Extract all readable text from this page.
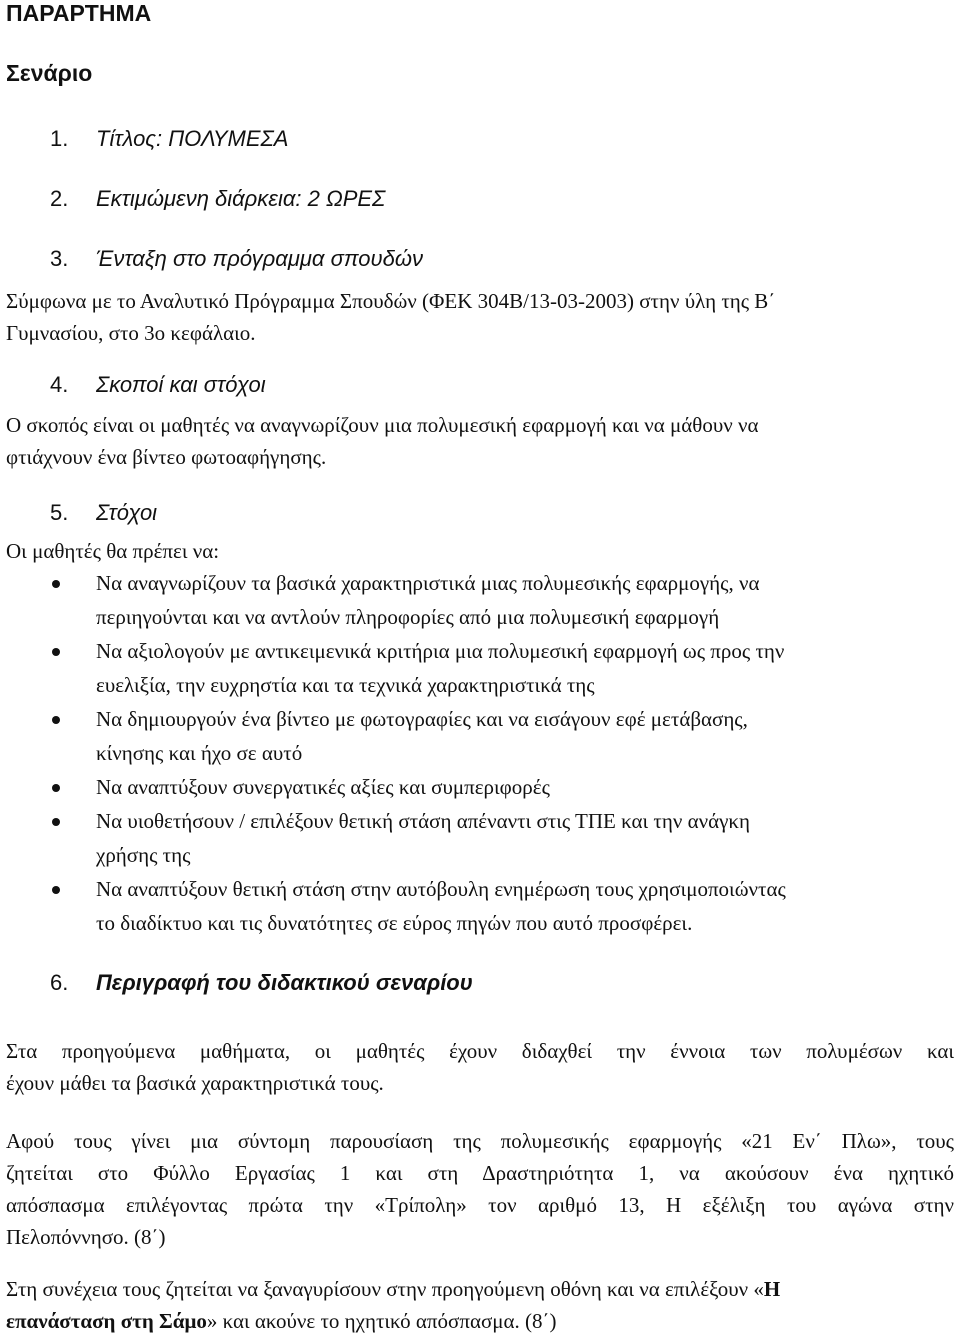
ΠΑΡΑΡΤΗΜΑ
Σενάριο
1. Τίτλος: ΠΟΛΥΜΕΣΑ
2. Εκτιμώμενη διάρκεια: 2 ΩΡΕΣ
3. Ένταξη στο πρόγραμμα σπουδών
Σύμφωνα με το Αναλυτικό Πρόγραμμα Σπουδών (ΦΕΚ 304Β/13-03-2003) στην ύλη της Β΄
Γυμνασίου, στο 3ο κεφάλαιο.
4. Σκοποί και στόχοι
Ο σκοπός είναι οι μαθητές να αναγνωρίζουν μια πολυμεσική εφαρμογή και να μάθουν να
φτιάχνουν ένα βίντεο φωτοαφήγησης.
5. Στόχοι
Οι μαθητές θα πρέπει να:
Να αναγνωρίζουν τα βασικά χαρακτηριστικά μιας πολυμεσικής εφαρμογής, να
περιηγούνται και να αντλούν πληροφορίες από μια πολυμεσική εφαρμογή
Να αξιολογούν με αντικειμενικά κριτήρια μια πολυμεσική εφαρμογή ως προς την
ευελιξία, την ευχρηστία και τα τεχνικά χαρακτηριστικά της
Να δημιουργούν ένα βίντεο με φωτογραφίες και να εισάγουν εφέ μετάβασης,
κίνησης και ήχο σε αυτό
Να αναπτύξουν συνεργατικές αξίες και συμπεριφορές
Να υιοθετήσουν / επιλέξουν θετική στάση απέναντι στις ΤΠΕ και την ανάγκη
χρήσης της
Να αναπτύξουν θετική στάση στην αυτόβουλη ενημέρωση τους χρησιμοποιώντας
το διαδίκτυο και τις δυνατότητες σε εύρος πηγών που αυτό προσφέρει.
6. Περιγραφή του διδακτικού σεναρίου
Στα προηγούμενα μαθήματα, οι μαθητές έχουν διδαχθεί την έννοια των πολυμέσων και
έχουν μάθει τα βασικά χαρακτηριστικά τους.
Αφού τους γίνει μια σύντομη παρουσίαση της πολυμεσικής εφαρμογής «21 Εν΄ Πλω», τους
ζητείται στο Φύλλο Εργασίας 1 και στη Δραστηριότητα 1, να ακούσουν ένα ηχητικό
απόσπασμα επιλέγοντας πρώτα την «Τρίπολη» τον αριθμό 13, Η εξέλιξη του αγώνα στην
Πελοπόννησο. (8΄)
Στη συνέχεια τους ζητείται να ξαναγυρίσουν στην προηγούμενη οθόνη και να επιλέξουν «Η
επανάσταση στη Σάμο» και ακούνε το ηχητικό απόσπασμα. (8΄)
